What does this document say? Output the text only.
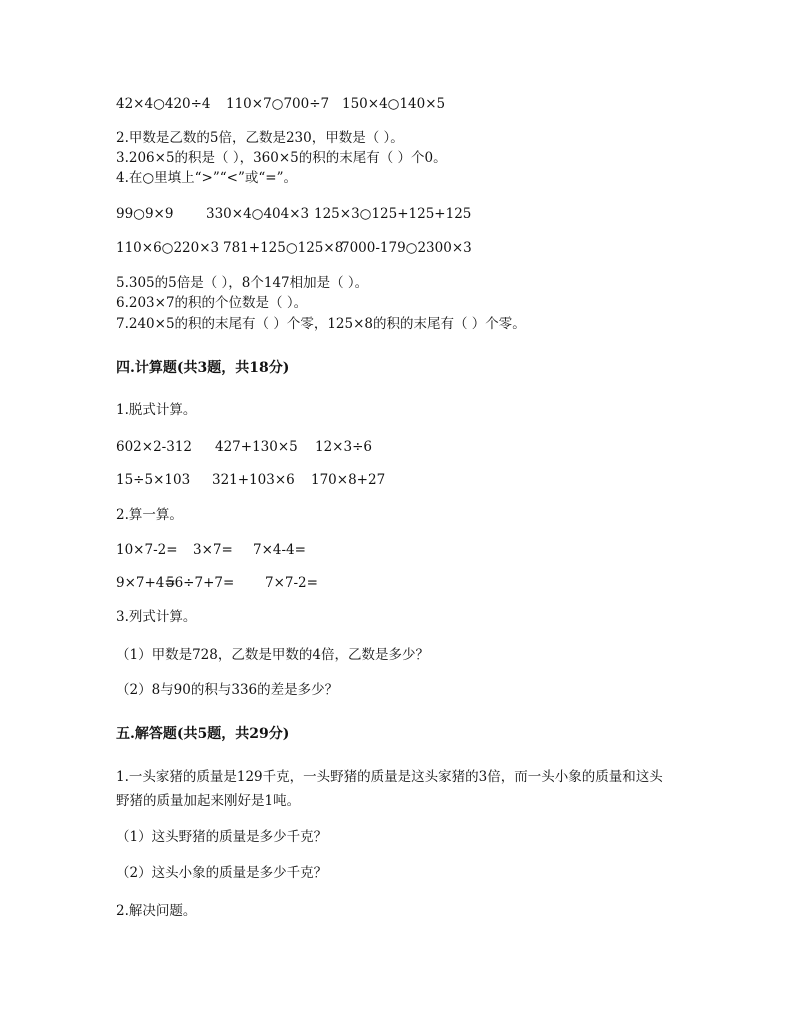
42×4○420÷4 110×7○700÷7 150×4○140×5
2.甲数是乙数的5倍，乙数是230，甲数是（ ）。
3.206×5的积是（ ），360×5的积的末尾有（ ）个0。
4.在○里填上“>”“<”或“=”。
99○9×9 330×4○404×3 125×3○125+125+125
110×6○220×3 781+125○125×87000-179○2300×3
5.305的5倍是（ ），8个147相加是（ ）。
6.203×7的积的个位数是（ ）。
7.240×5的积的末尾有（ ）个零，125×8的积的末尾有（ ）个零。
四.计算题(共3题，共18分)
1.脱式计算。
602×2-312 427+130×5 12×3÷6
15÷5×103 321+103×6 170×8+27
2.算一算。
10×7-2= 3×7= 7×4-4=
9×7+4=56÷7+7= 7×7-2=
3.列式计算。
（1）甲数是728，乙数是甲数的4倍，乙数是多少？
（2）8与90的积与336的差是多少？
五.解答题(共5题，共29分)
1.一头家猪的质量是129千克，一头野猪的质量是这头家猪的3倍，而一头小象的质量和这头野猪的质量加起来刚好是1吨。
（1）这头野猪的质量是多少千克？
（2）这头小象的质量是多少千克？
2.解决问题。
